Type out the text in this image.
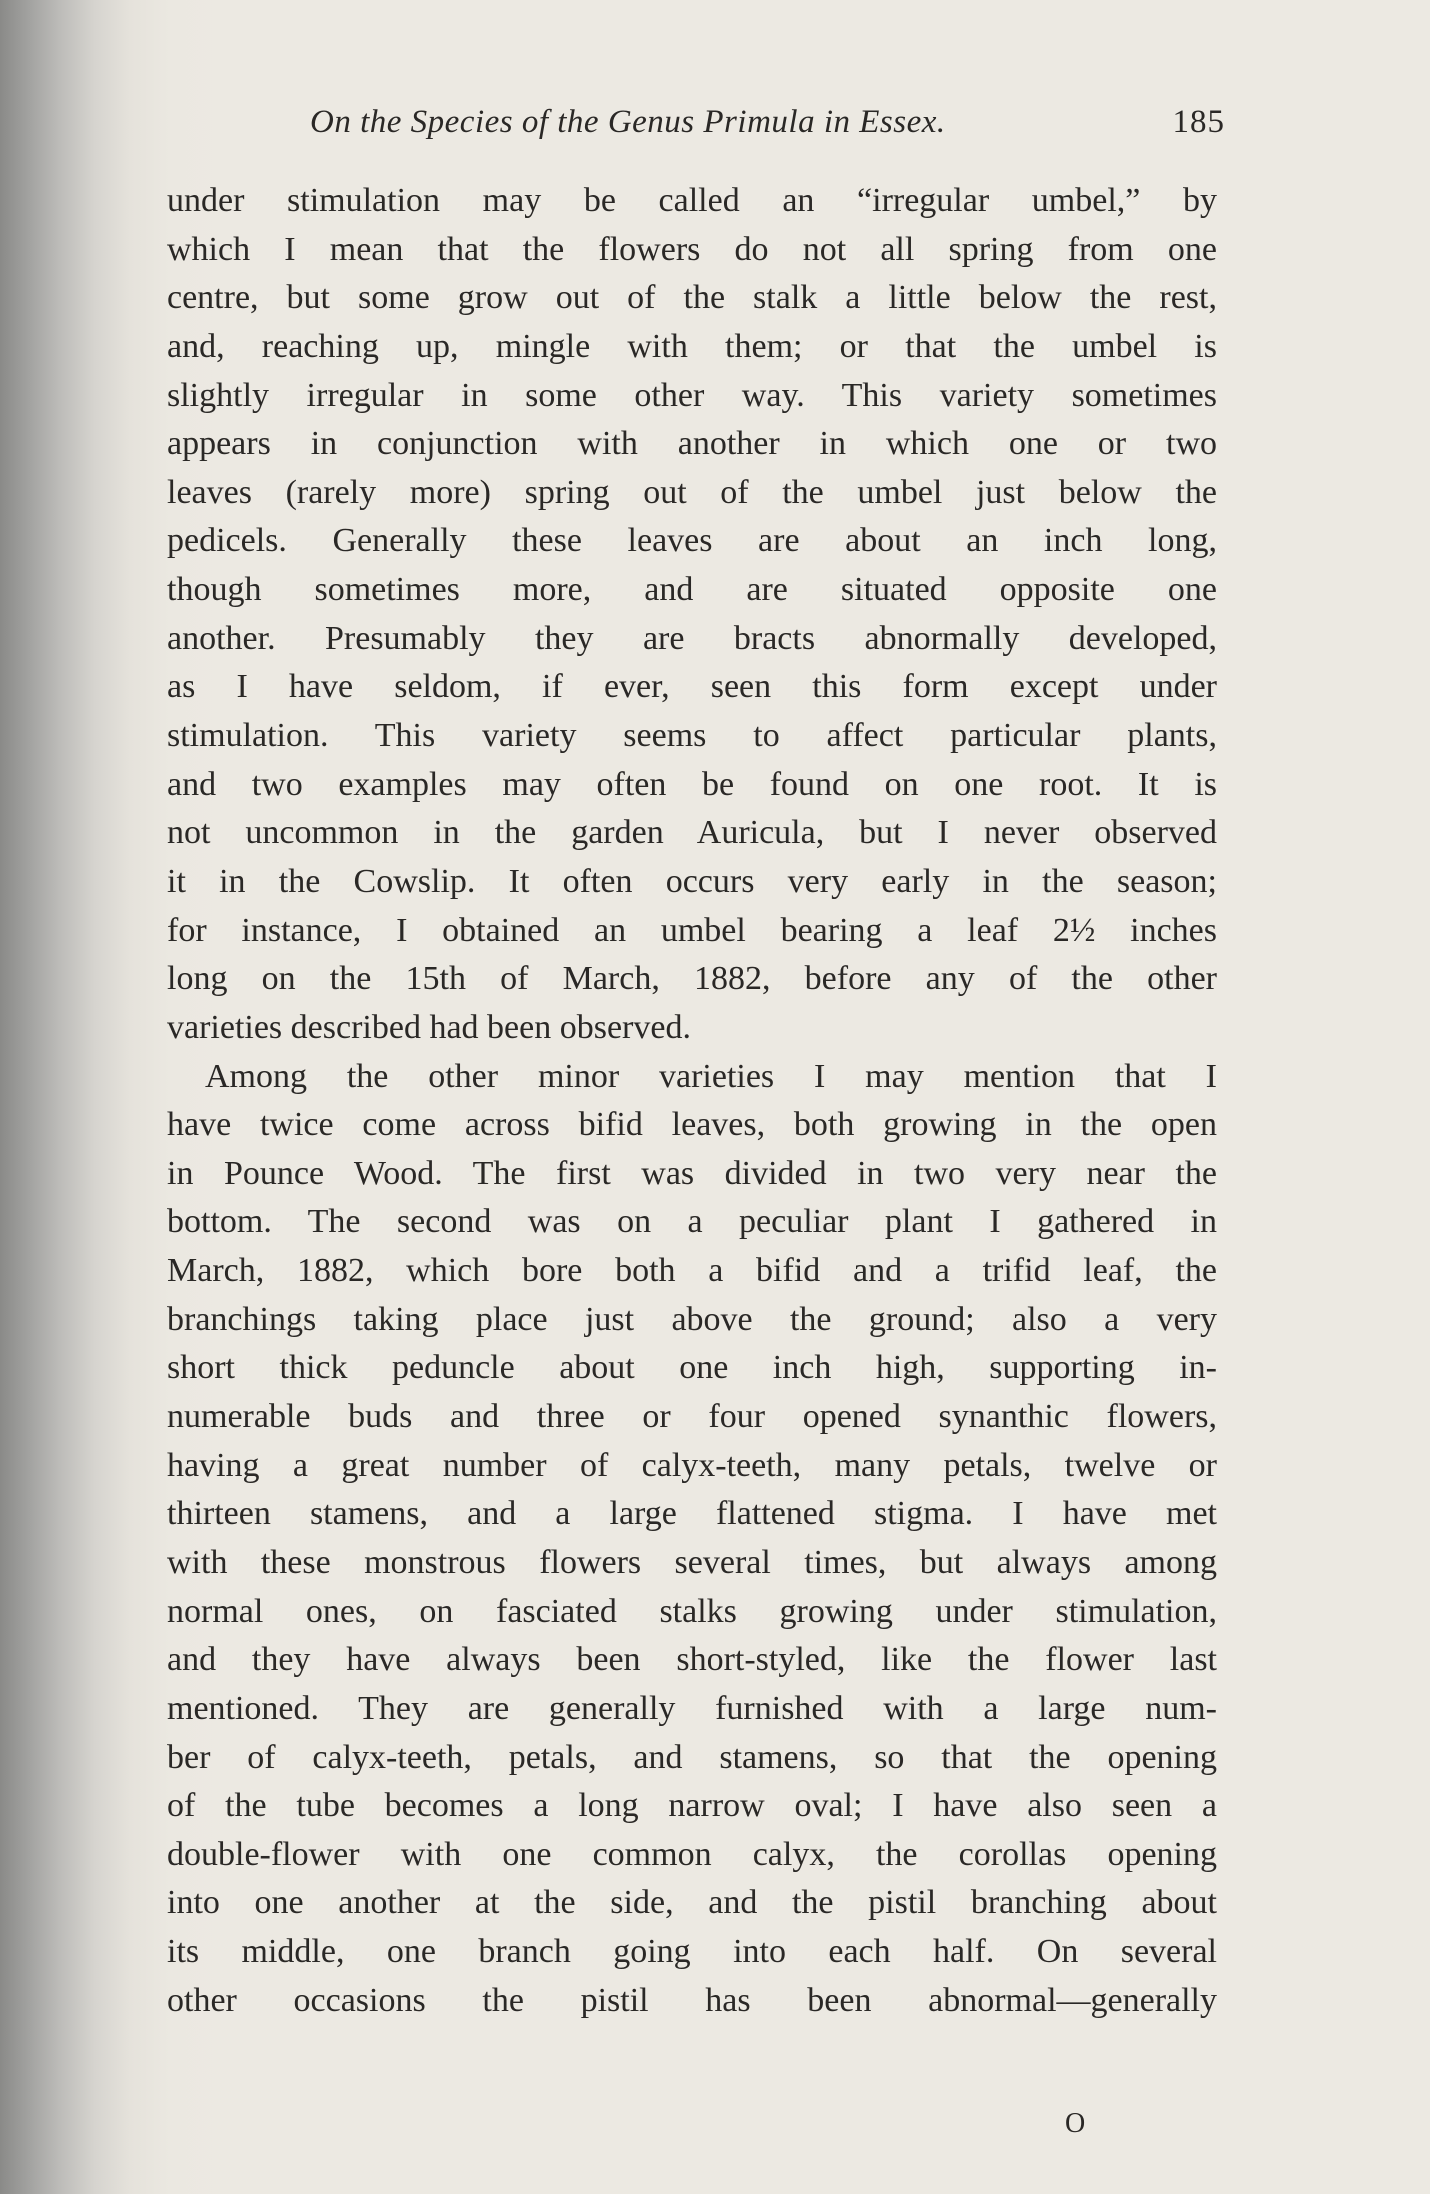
On the Species of the Genus Primula in Essex.	185
under stimulation may be called an “irregular umbel,” by
which I mean that the flowers do not all spring from one
centre, but some grow out of the stalk a little below the rest,
and, reaching up, mingle with them; or that the umbel is
slightly irregular in some other way. This variety sometimes
appears in conjunction with another in which one or two
leaves (rarely more) spring out of the umbel just below the
pedicels. Generally these leaves are about an inch long,
though sometimes more, and are situated opposite one
another. Presumably they are bracts abnormally developed,
as I have seldom, if ever, seen this form except under
stimulation. This variety seems to affect particular plants,
and two examples may often be found on one root. It is
not uncommon in the garden Auricula, but I never observed
it in the Cowslip. It often occurs very early in the season;
for instance, I obtained an umbel bearing a leaf 2½ inches
long on the 15th of March, 1882, before any of the other
varieties described had been observed.
Among the other minor varieties I may mention that I
have twice come across bifid leaves, both growing in the open
in Pounce Wood. The first was divided in two very near the
bottom. The second was on a peculiar plant I gathered in
March, 1882, which bore both a bifid and a trifid leaf, the
branchings taking place just above the ground; also a very
short thick peduncle about one inch high, supporting in-
numerable buds and three or four opened synanthic flowers,
having a great number of calyx-teeth, many petals, twelve or
thirteen stamens, and a large flattened stigma. I have met
with these monstrous flowers several times, but always among
normal ones, on fasciated stalks growing under stimulation,
and they have always been short-styled, like the flower last
mentioned. They are generally furnished with a large num-
ber of calyx-teeth, petals, and stamens, so that the opening
of the tube becomes a long narrow oval; I have also seen a
double-flower with one common calyx, the corollas opening
into one another at the side, and the pistil branching about
its middle, one branch going into each half. On several
other occasions the pistil has been abnormal—generally
O
